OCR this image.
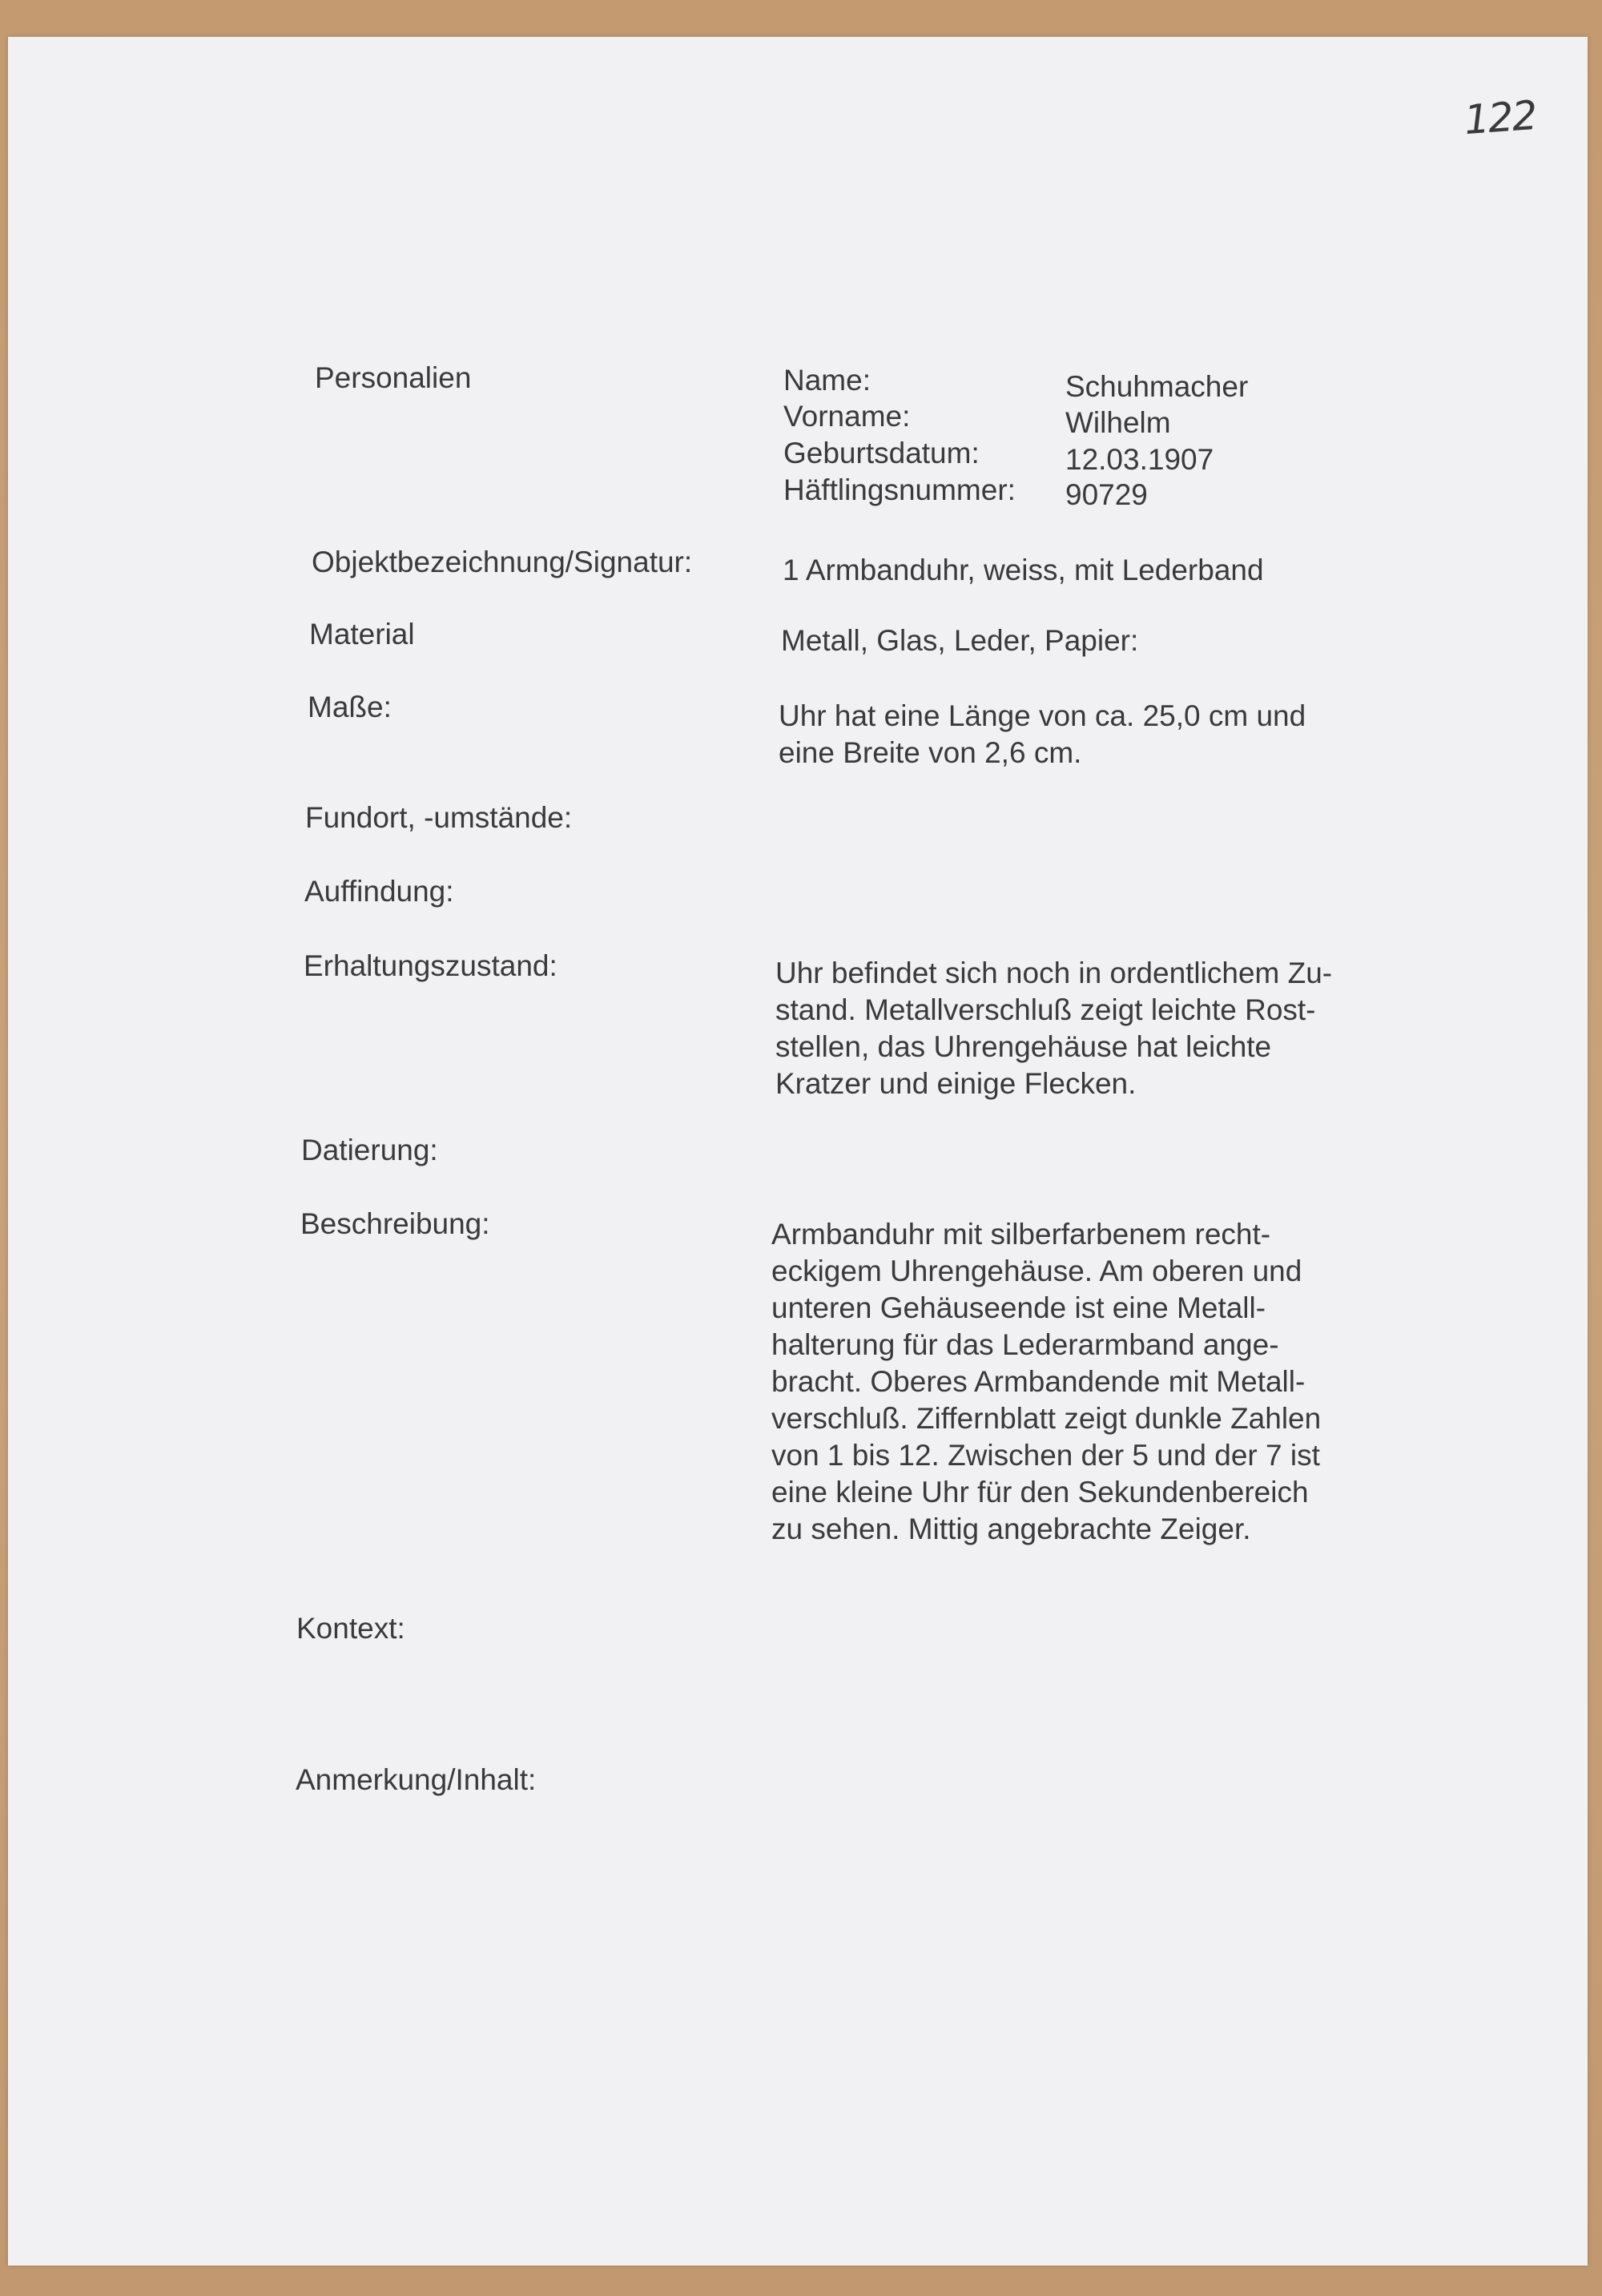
122
Personalien	Name:	Schuhmacher
Vorname:	Wilhelm
Geburtsdatum:	12.03.1907
Häftlingsnummer: 90729
Objektbezeichnung/Signatur:	1 Armbanduhr, weiss, mit Lederband
Material	Metall, Glas, Leder, Papier:
Maße:	Uhr hat eine Länge von ca. 25,0 cm und
eine Breite von 2,6 cm.
Fundort, -umstände:
Auffindung:
Erhaltungszustand:	Uhr befindet sich noch in ordentlichem Zu-
stand. Metallverschluß zeigt leichte Rost-
stellen, das Uhrengehäuse hat leichte
Kratzer und einige Flecken.
Datierung:
Beschreibung:	Armbanduhr mit silberfarbenem recht-
eckigem Uhrengehäuse. Am oberen und
unteren Gehäuseende ist eine Metall-
halterung für das Lederarmband ange-
bracht. Oberes Armbandende mit Metall-
verschluß. Ziffernblatt zeigt dunkle Zahlen
von 1 bis 12. Zwischen der 5 und der 7 ist
eine kleine Uhr für den Sekundenbereich
zu sehen. Mittig angebrachte Zeiger.
Kontext:
Anmerkung/Inhalt:
